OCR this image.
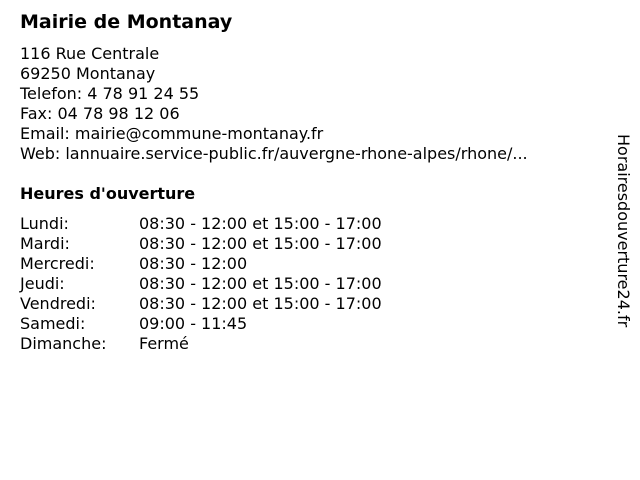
Mairie de Montanay
116 Rue Centrale
69250 Montanay
Telefon: 4 78 91 24 55
Fax: 04 78 98 12 06
Email: mairie@commune-montanay.fr
Web: lannuaire.service-public.fr/auvergne-rhone-alpes/rhone/...
Heures d'ouverture
Lundi:	08:30 - 12:00 et 15:00 - 17:00
Mardi:	08:30 - 12:00 et 15:00 - 17:00
Mercredi:	08:30 - 12:00
Jeudi:	08:30 - 12:00 et 15:00 - 17:00
Vendredi:	08:30 - 12:00 et 15:00 - 17:00
Samedi:	09:00 - 11:45
Dimanche: Fermé
Horairesdouverture24.fr
